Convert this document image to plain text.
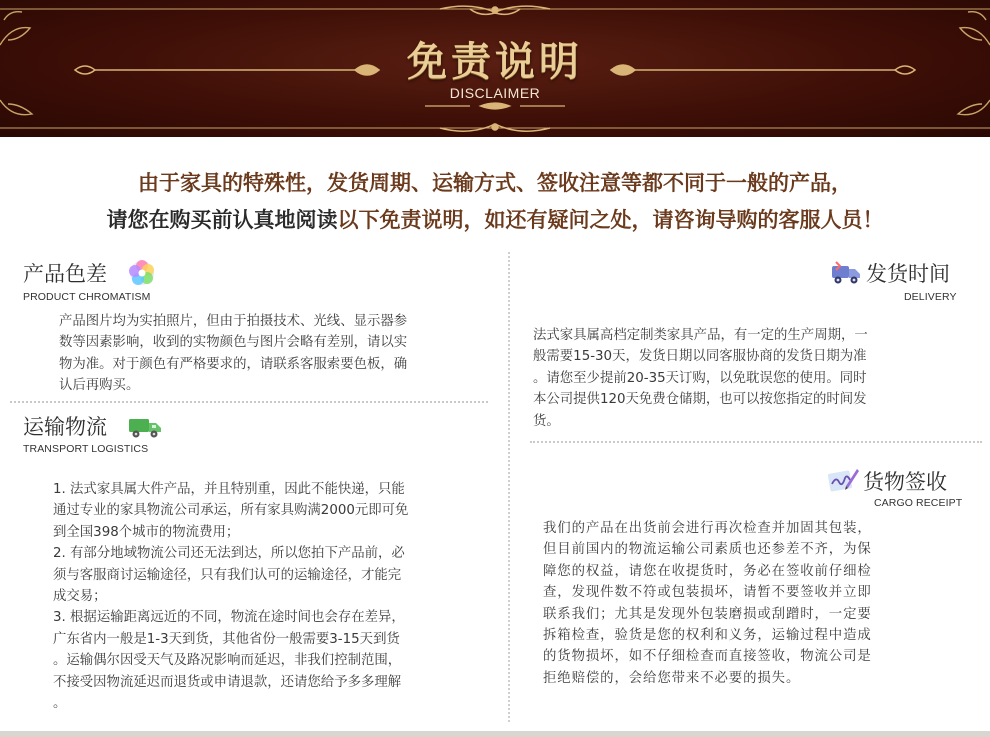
免责说明
DISCLAIMER
由于家具的特殊性，发货周期、运输方式、签收注意等都不同于一般的产品，
请您在购买前认真地阅读以下免责说明，如还有疑问之处，请咨询导购的客服人员！
产品色差
PRODUCT CHROMATISM
产品图片均为实拍照片，但由于拍摄技术、光线、显示器参
数等因素影响，收到的实物颜色与图片会略有差别，请以实
物为准。对于颜色有严格要求的，请联系客服索要色板，确
认后再购买。
发货时间
DELIVERY
法式家具属高档定制类家具产品，有一定的生产周期，一
般需要15-30天，发货日期以同客服协商的发货日期为准
。请您至少提前20-35天订购，以免耽误您的使用。同时
本公司提供120天免费仓储期，也可以按您指定的时间发
货。
运输物流
TRANSPORT LOGISTICS
1. 法式家具属大件产品，并且特别重，因此不能快递，只能
通过专业的家具物流公司承运，所有家具购满2000元即可免
到全国398个城市的物流费用；
2. 有部分地域物流公司还无法到达，所以您拍下产品前，必
须与客服商讨运输途径，只有我们认可的运输途径，才能完
成交易；
3. 根据运输距离远近的不同，物流在途时间也会存在差异，
广东省内一般是1-3天到货，其他省份一般需要3-15天到货
。运输偶尔因受天气及路况影响而延迟，非我们控制范围，
不接受因物流延迟而退货或申请退款，还请您给予多多理解
。
货物签收
CARGO RECEIPT
我们的产品在出货前会进行再次检查并加固其包装，
但目前国内的物流运输公司素质也还参差不齐，为保
障您的权益，请您在收提货时，务必在签收前仔细检
查，发现件数不符或包装损坏，请暂不要签收并立即
联系我们；尤其是发现外包装磨损或刮蹭时，一定要
拆箱检查，验货是您的权利和义务，运输过程中造成
的货物损坏，如不仔细检查而直接签收，物流公司是
拒绝赔偿的，会给您带来不必要的损失。
